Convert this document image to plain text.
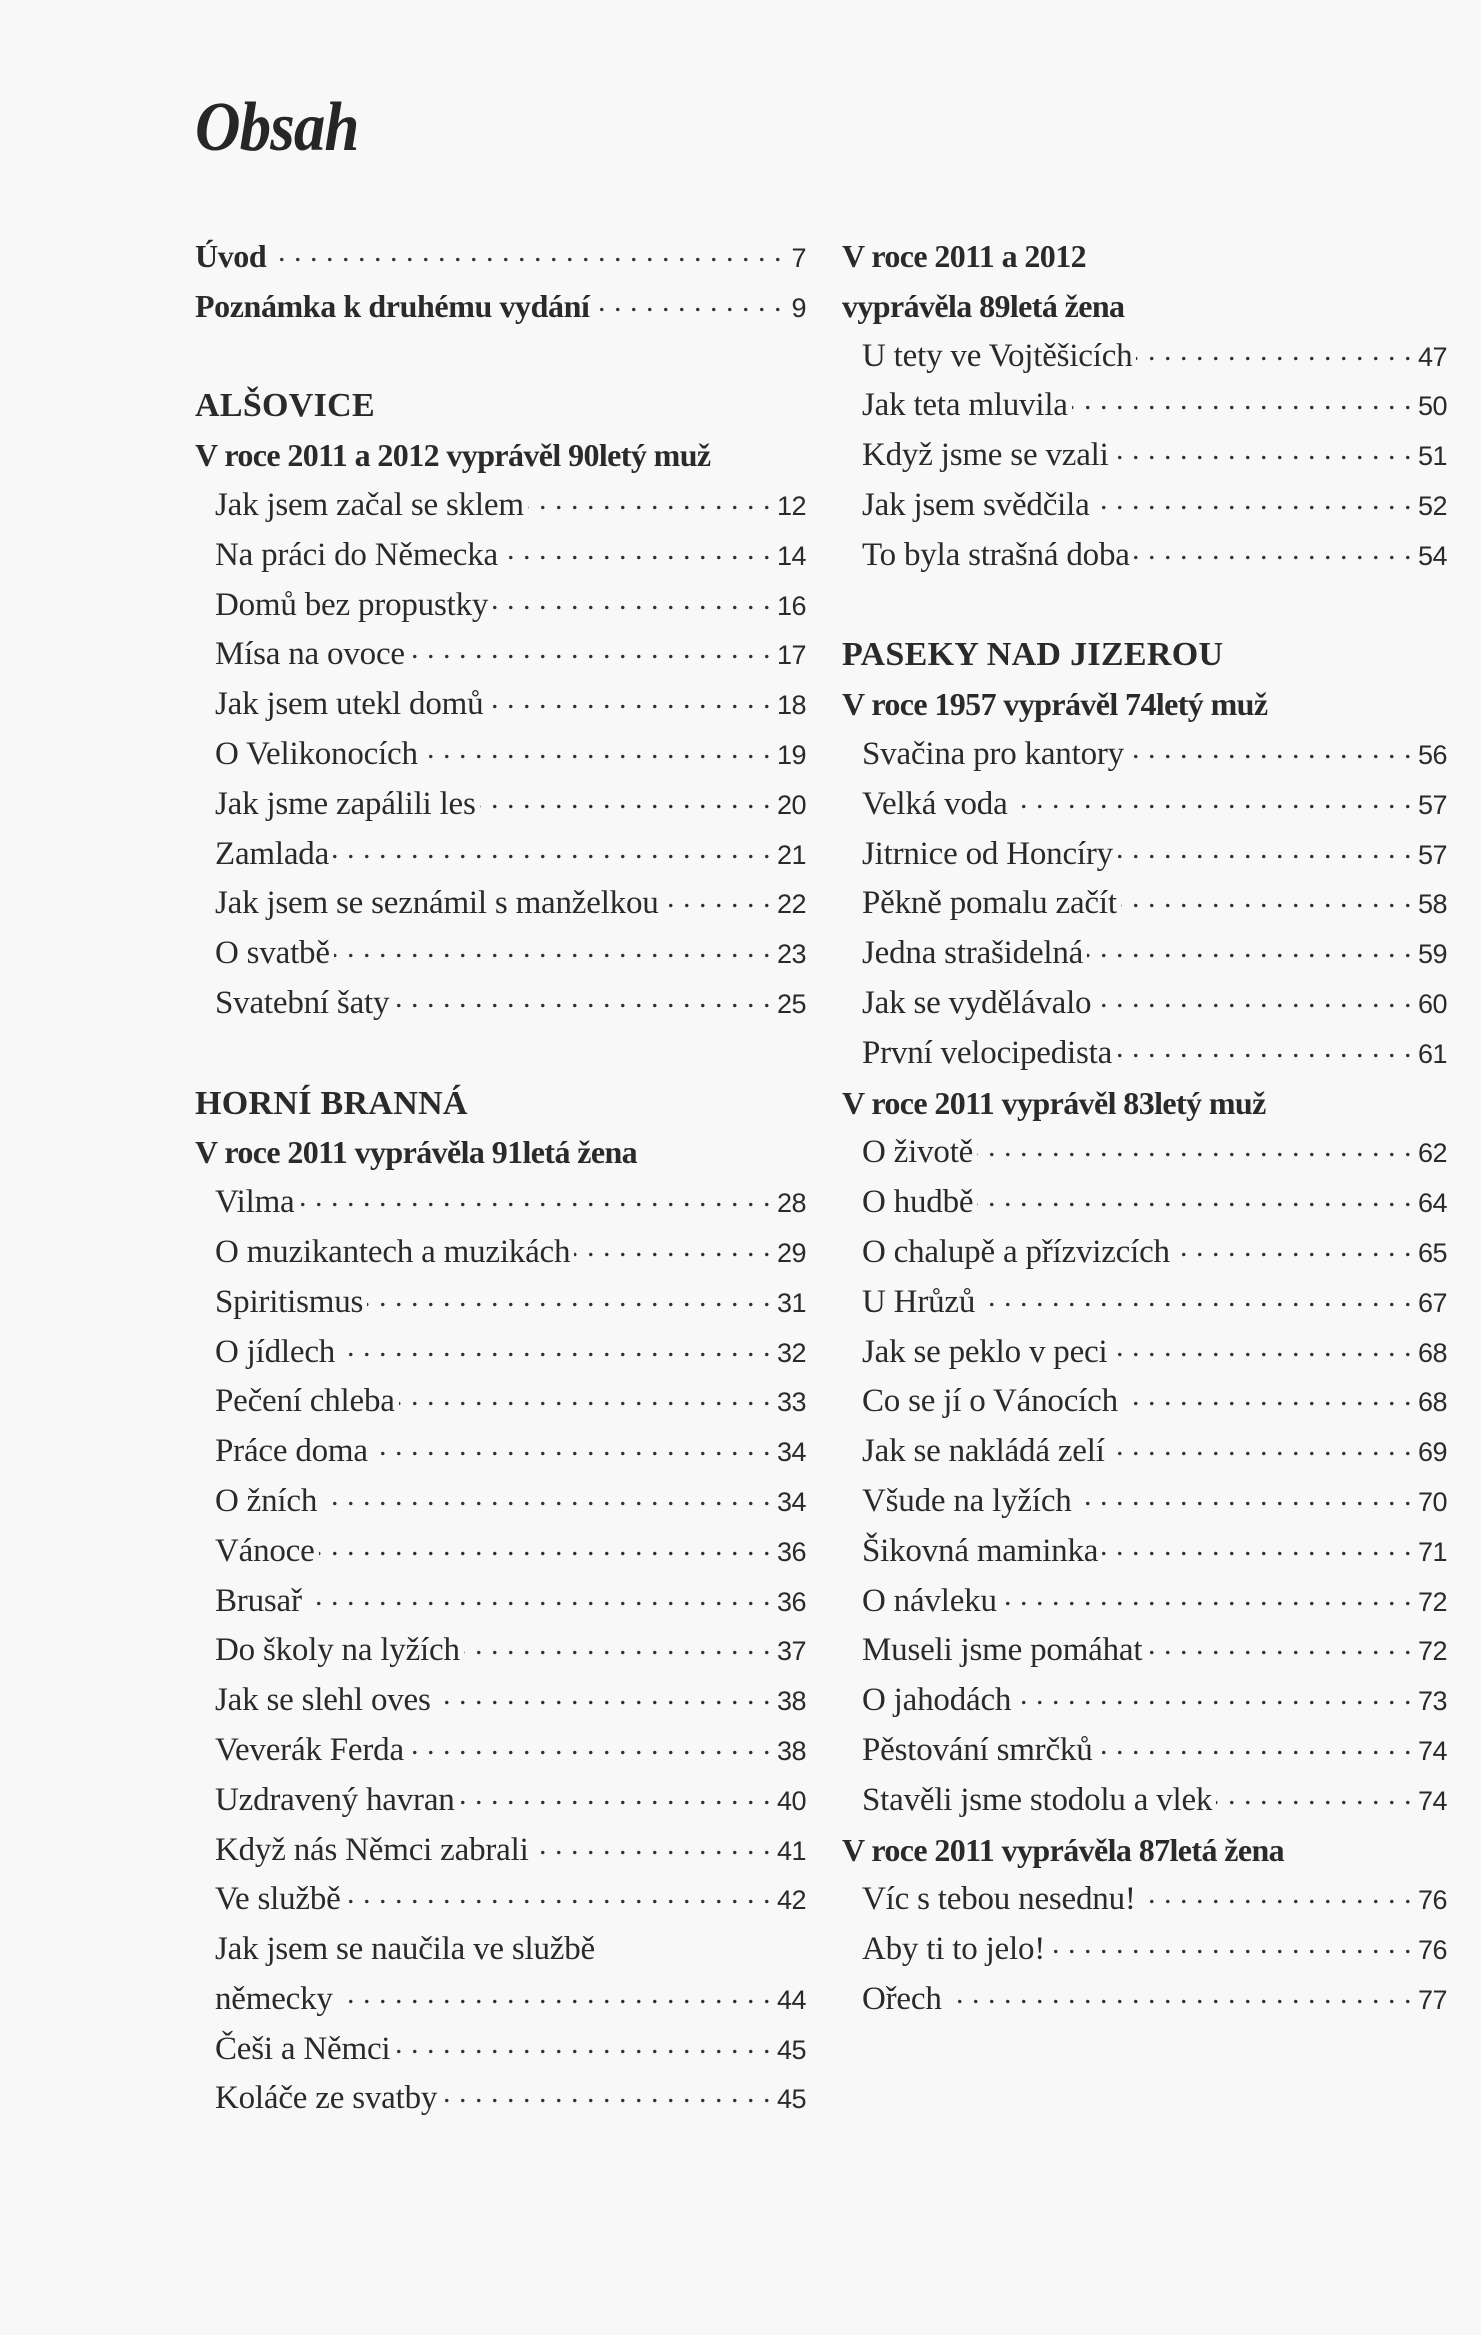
Obsah
Úvod . . .	7
Poznámka k druhému vydání . . .	9
ALŠOVICE
V roce 2011 a 2012 vyprávěl 90letý muž
Jak jsem začal se sklem . . .	12
Na práci do Německa . . .	14
Domů bez propustky . . .	16
Mísa na ovoce . . .	17
Jak jsem utekl domů . . .	18
O Velikonocích . . .	19
Jak jsme zapálili les . . .	20
Zamlada . . .	21
Jak jsem se seznámil s manželkou . . .	22
O svatbě . . .	23
Svatební šaty . . .	25
HORNÍ BRANNÁ
V roce 2011 vyprávěla 91letá žena
Vilma . . .	28
O muzikantech a muzikách . . .	29
Spiritismus . . .	31
O jídlech . . .	32
Pečení chleba . . .	33
Práce doma . . .	34
O žních . . .	34
Vánoce . . .	36
Brusař . . .	36
Do školy na lyžích . . .	37
Jak se slehl oves . . .	38
Veverák Ferda . . .	38
Uzdravený havran . . .	40
Když nás Němci zabrali . . .	41
Ve službě . . .	42
Jak jsem se naučila ve službě
německy . . .	44
Češi a Němci . . .	45
Koláče ze svatby . . .	45
V roce 2011 a 2012
vyprávěla 89letá žena
U tety ve Vojtěšicích . . .	47
Jak teta mluvila . . .	50
Když jsme se vzali . . .	51
Jak jsem svědčila . . .	52
To byla strašná doba . . .	54
PASEKY NAD JIZEROU
V roce 1957 vyprávěl 74letý muž
Svačina pro kantory . . .	56
Velká voda . . .	57
Jitrnice od Honcíry . . .	57
Pěkně pomalu začít . . .	58
Jedna strašidelná . . .	59
Jak se vydělávalo . . .	60
První velocipedista . . .	61
V roce 2011 vyprávěl 83letý muž
O životě . . .	62
O hudbě . . .	64
O chalupě a přízvizcích . . .	65
U Hrůzů . . .	67
Jak se peklo v peci . . .	68
Co se jí o Vánocích . . .	68
Jak se nakládá zelí . . .	69
Všude na lyžích . . .	70
Šikovná maminka . . .	71
O návleku . . .	72
Museli jsme pomáhat . . .	72
O jahodách . . .	73
Pěstování smrčků . . .	74
Stavěli jsme stodolu a vlek . . .	74
V roce 2011 vyprávěla 87letá žena
Víc s tebou nesednu! . . .	76
Aby ti to jelo! . . .	76
Ořech . . .	77
